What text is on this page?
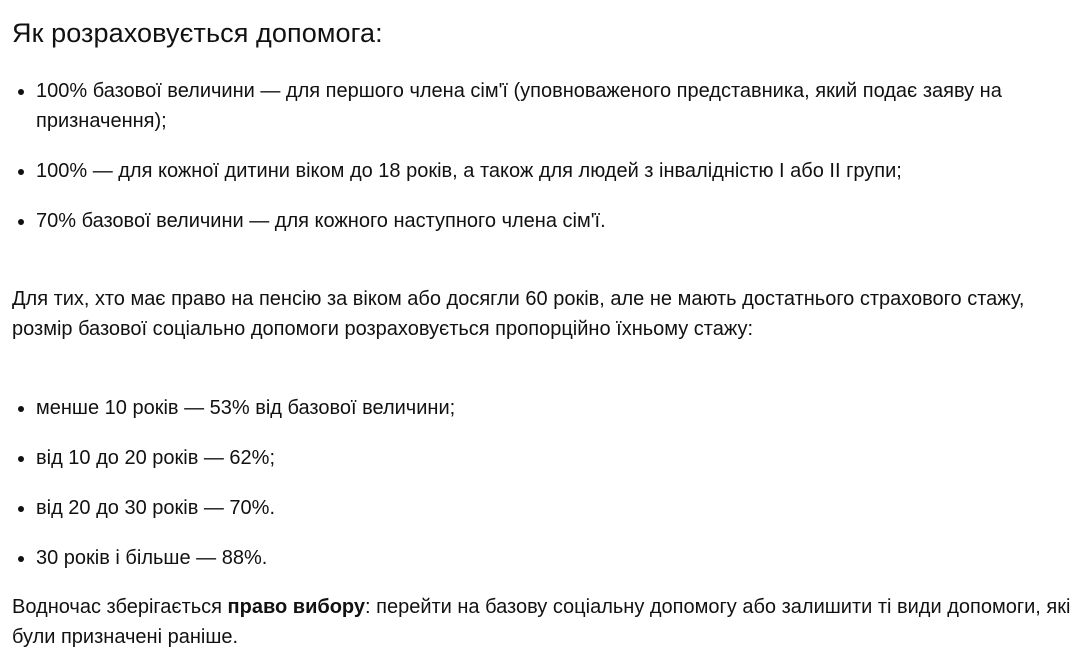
Як розраховується допомога:
100% базової величини — для першого члена сім'ї (уповноваженого представника, який подає заяву на призначення);
100% — для кожної дитини віком до 18 років, а також для людей з інвалідністю І або ІІ групи;
70% базової величини — для кожного наступного члена сім'ї.

Для тих, хто має право на пенсію за віком або досягли 60 років, але не мають достатнього страхового стажу, розмір базової соціально допомоги розраховується пропорційно їхньому стажу:

менше 10 років — 53% від базової величини;
від 10 до 20 років — 62%;
від 20 до 30 років — 70%.
30 років і більше — 88%.

Водночас зберігається право вибору: перейти на базову соціальну допомогу або залишити ті види допомоги, які були призначені раніше.
